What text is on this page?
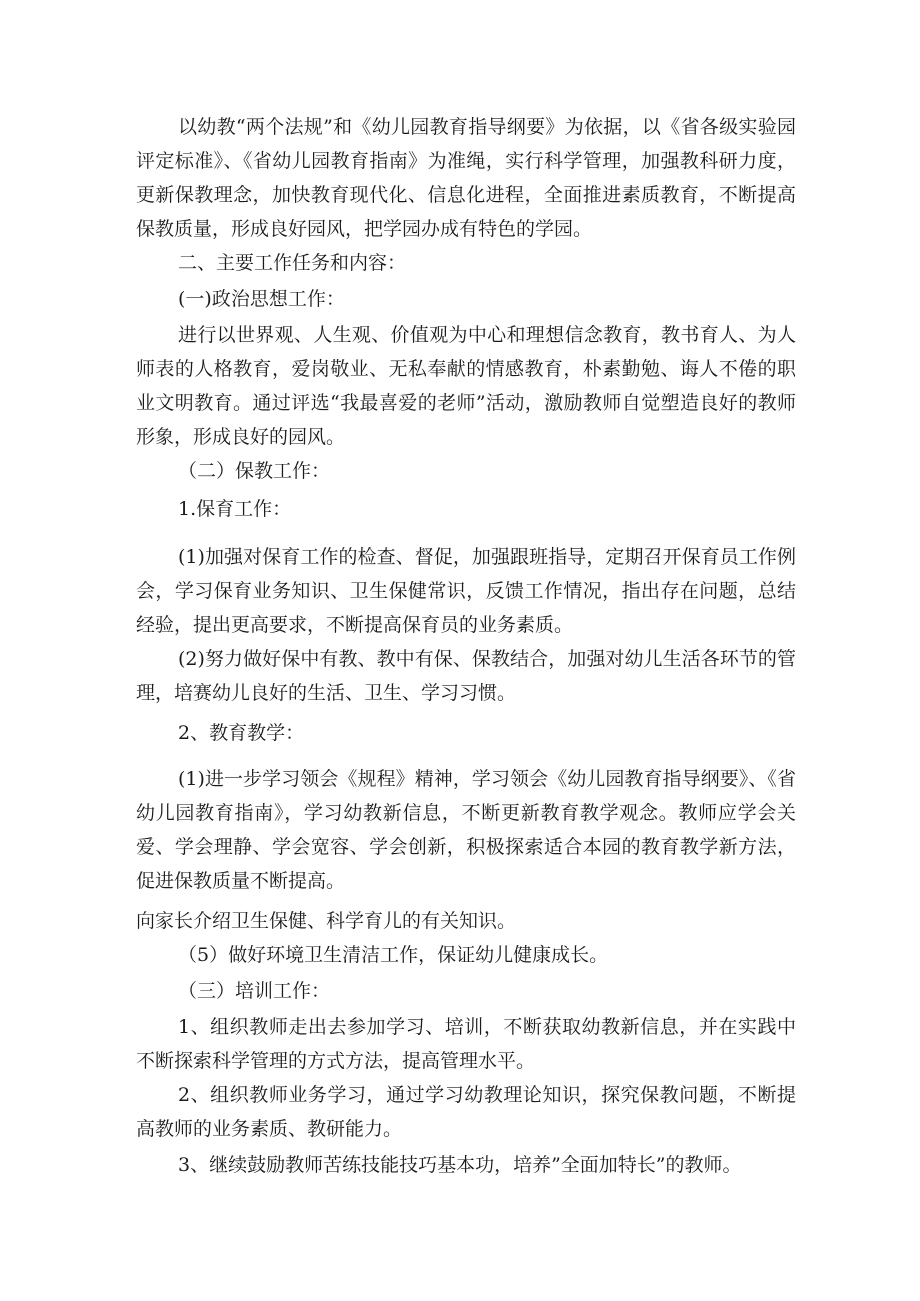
以幼教“两个法规”和《幼儿园教育指导纲要》为依据，以《省各级实验园评定标准》、《省幼儿园教育指南》为准绳，实行科学管理，加强教科研力度，更新保教理念，加快教育现代化、信息化进程，全面推进素质教育，不断提高保教质量，形成良好园风，把学园办成有特色的学园。

二、主要工作任务和内容：

(一)政治思想工作：

进行以世界观、人生观、价值观为中心和理想信念教育，教书育人、为人师表的人格教育，爱岗敬业、无私奉献的情感教育，朴素勤勉、诲人不倦的职业文明教育。通过评选“我最喜爱的老师”活动，激励教师自觉塑造良好的教师形象，形成良好的园风。

（二）保教工作：

1.保育工作：

(1)加强对保育工作的检查、督促，加强跟班指导，定期召开保育员工作例会，学习保育业务知识、卫生保健常识，反馈工作情况，指出存在问题，总结经验，提出更高要求，不断提高保育员的业务素质。

(2)努力做好保中有教、教中有保、保教结合，加强对幼儿生活各环节的管理，培赛幼儿良好的生活、卫生、学习习惯。

2、教育教学：

(1)进一步学习领会《规程》精神，学习领会《幼儿园教育指导纲要》、《省幼儿园教育指南》，学习幼教新信息，不断更新教育教学观念。教师应学会关爱、学会理静、学会宽容、学会创新，积极探索适合本园的教育教学新方法，促进保教质量不断提高。

向家长介绍卫生保健、科学育儿的有关知识。

（5）做好环境卫生清洁工作，保证幼儿健康成长。

（三）培训工作：

1、组织教师走出去参加学习、培训，不断获取幼教新信息，并在实践中不断探索科学管理的方式方法，提高管理水平。

2、组织教师业务学习，通过学习幼教理论知识，探究保教问题，不断提高教师的业务素质、教研能力。

3、继续鼓励教师苦练技能技巧基本功，培养”全面加特长”的教师。
